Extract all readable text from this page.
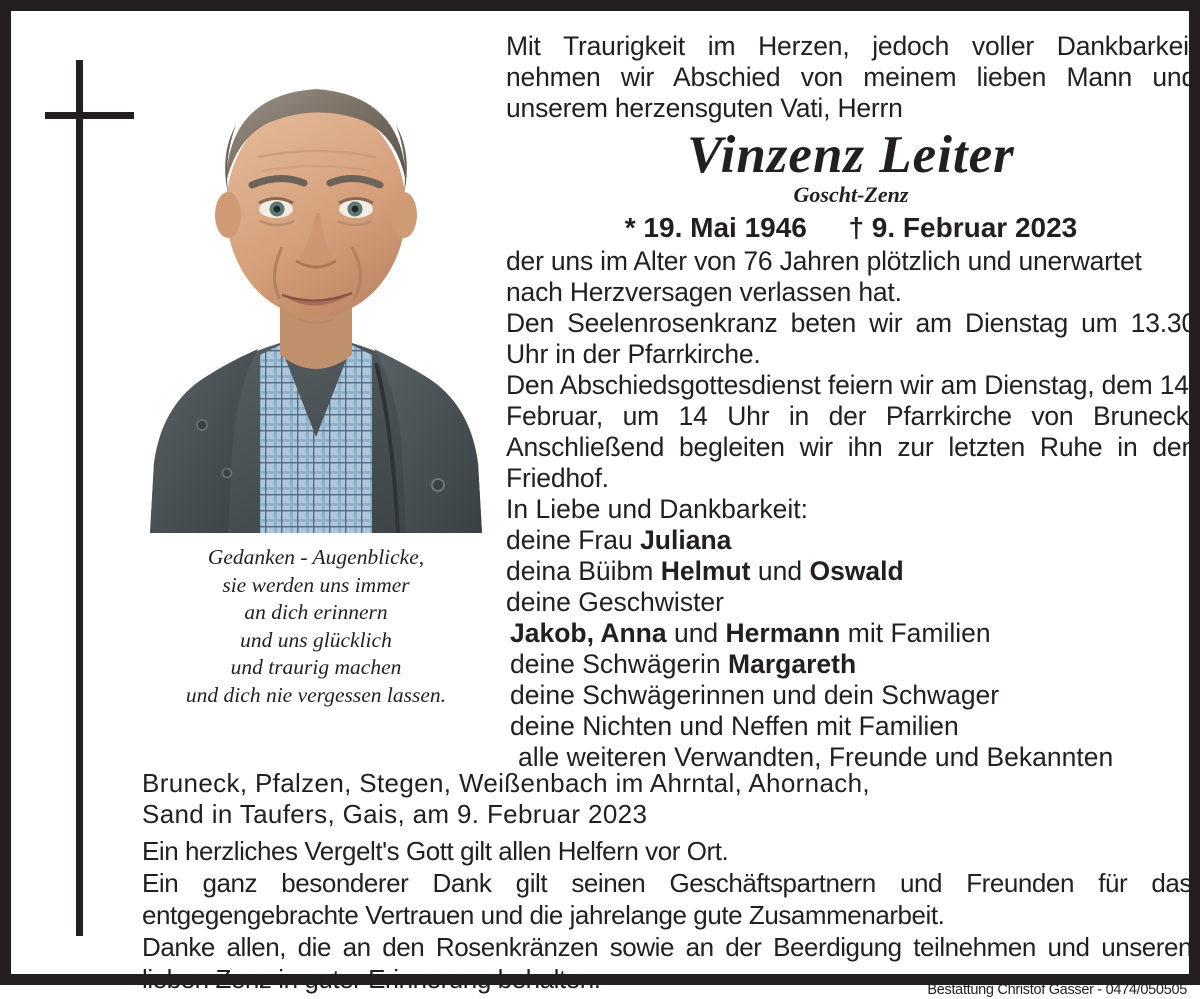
Gedanken - Augenblicke,
sie werden uns immer
an dich erinnern
und uns glücklich
und traurig machen
und dich nie vergessen lassen.
Mit Traurigkeit im Herzen, jedoch voller Dankbarkeit nehmen wir Abschied von meinem lieben Mann und unserem herzensguten Vati, Herrn
Vinzenz Leiter
Goscht-Zenz
* 19. Mai 1946 † 9. Februar 2023
der uns im Alter von 76 Jahren plötzlich und unerwartet nach Herzversagen verlassen hat.
Den Seelenrosenkranz beten wir am Dienstag um 13.30 Uhr in der Pfarrkirche.
Den Abschiedsgottesdienst feiern wir am Dienstag, dem 14. Februar, um 14 Uhr in der Pfarrkirche von Bruneck. Anschließend begleiten wir ihn zur letzten Ruhe in den Friedhof.
In Liebe und Dankbarkeit:
deine Frau Juliana
deina Büibm Helmut und Oswald
deine Geschwister
Jakob, Anna und Hermann mit Familien
deine Schwägerin Margareth
deine Schwägerinnen und dein Schwager
deine Nichten und Neffen mit Familien
alle weiteren Verwandten, Freunde und Bekannten
Bruneck, Pfalzen, Stegen, Weißenbach im Ahrntal, Ahornach,
Sand in Taufers, Gais, am 9. Februar 2023

Ein herzliches Vergelt's Gott gilt allen Helfern vor Ort.

Ein ganz besonderer Dank gilt seinen Geschäftspartnern und Freunden für das entgegengebrachte Vertrauen und die jahrelange gute Zusammenarbeit.

Danke allen, die an den Rosenkränzen sowie an der Beerdigung teilnehmen und unseren lieben Zenz in guter Erinnerung behalten.	Bestattung Christof Gasser - 0474/050505
